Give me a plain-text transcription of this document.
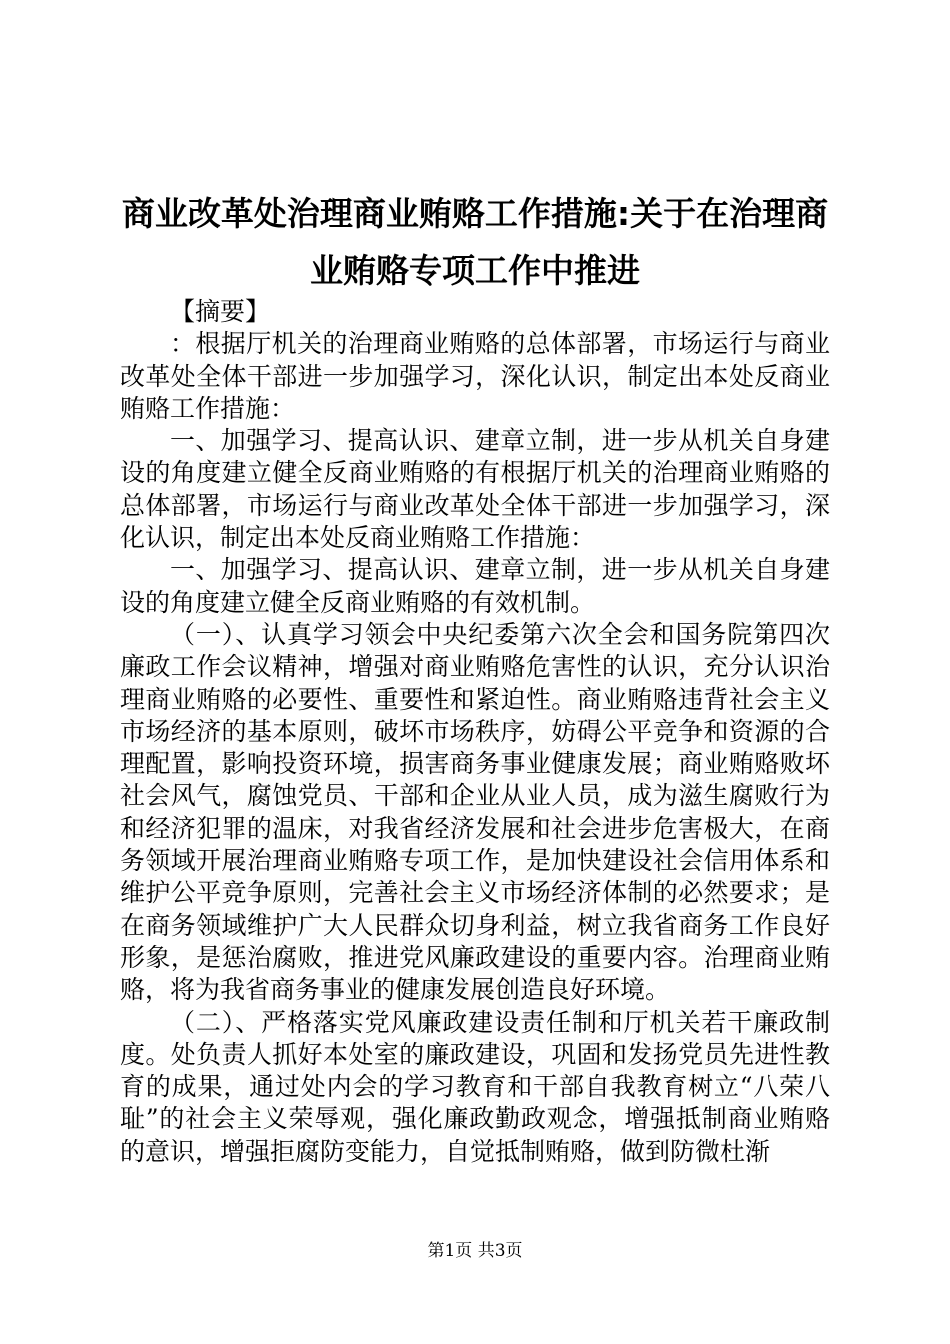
商业改革处治理商业贿赂工作措施:关于在治理商业贿赂专项工作中推进

【摘要】

：根据厅机关的治理商业贿赂的总体部署，市场运行与商业改革处全体干部进一步加强学习，深化认识，制定出本处反商业贿赂工作措施：

一、加强学习、提高认识、建章立制，进一步从机关自身建设的角度建立健全反商业贿赂的有根据厅机关的治理商业贿赂的总体部署，市场运行与商业改革处全体干部进一步加强学习，深化认识，制定出本处反商业贿赂工作措施：

一、加强学习、提高认识、建章立制，进一步从机关自身建设的角度建立健全反商业贿赂的有效机制。

（一）、认真学习领会中央纪委第六次全会和国务院第四次廉政工作会议精神，增强对商业贿赂危害性的认识，充分认识治理商业贿赂的必要性、重要性和紧迫性。商业贿赂违背社会主义市场经济的基本原则，破坏市场秩序，妨碍公平竞争和资源的合理配置，影响投资环境，损害商务事业健康发展；商业贿赂败坏社会风气，腐蚀党员、干部和企业从业人员，成为滋生腐败行为和经济犯罪的温床，对我省经济发展和社会进步危害极大，在商务领域开展治理商业贿赂专项工作，是加快建设社会信用体系和维护公平竞争原则，完善社会主义市场经济体制的必然要求；是在商务领域维护广大人民群众切身利益，树立我省商务工作良好形象，是惩治腐败，推进党风廉政建设的重要内容。治理商业贿赂，将为我省商务事业的健康发展创造良好环境。

（二）、严格落实党风廉政建设责任制和厅机关若干廉政制度。处负责人抓好本处室的廉政建设，巩固和发扬党员先进性教育的成果，通过处内会的学习教育和干部自我教育树立“八荣八耻”的社会主义荣辱观，强化廉政勤政观念，增强抵制商业贿赂的意识，增强拒腐防变能力，自觉抵制贿赂，做到防微杜渐

第1页 共3页
